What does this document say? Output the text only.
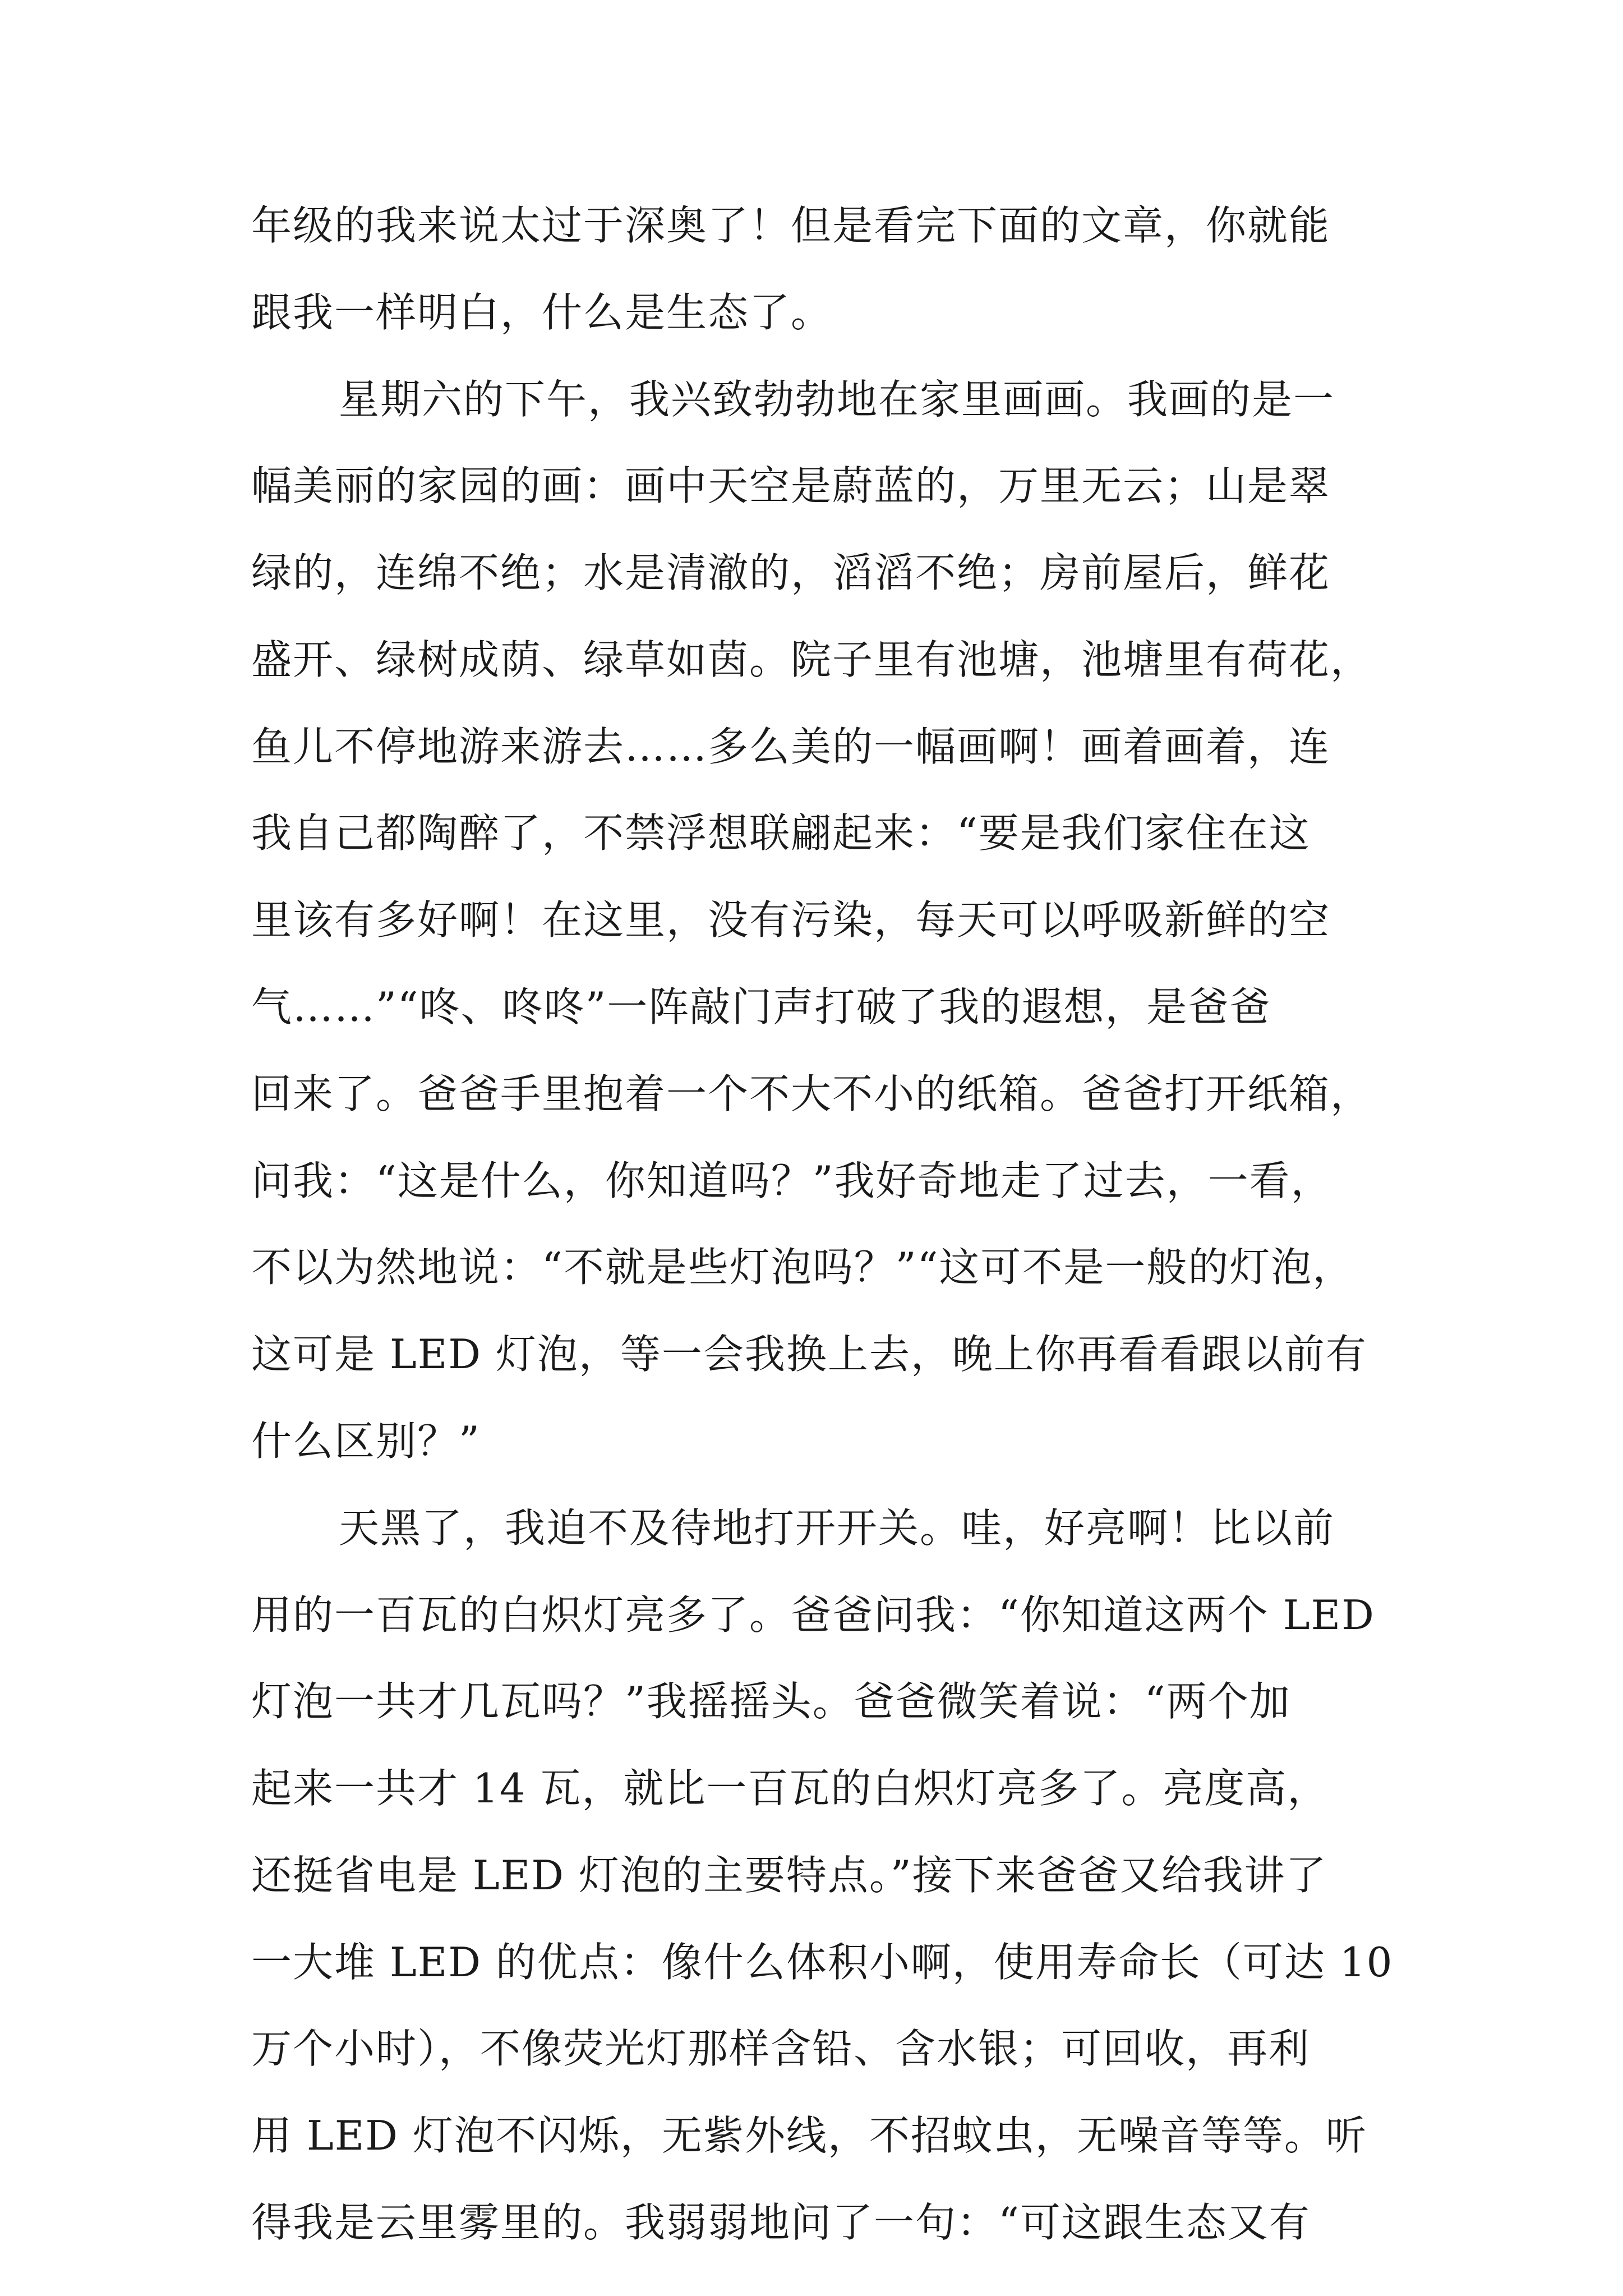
年级的我来说太过于深奥了！但是看完下面的文章，你就能
跟我一样明白，什么是生态了。
星期六的下午，我兴致勃勃地在家里画画。我画的是一
幅美丽的家园的画：画中天空是蔚蓝的，万里无云；山是翠
绿的，连绵不绝；水是清澈的，滔滔不绝；房前屋后，鲜花
盛开、绿树成荫、绿草如茵。院子里有池塘，池塘里有荷花，
鱼儿不停地游来游去……多么美的一幅画啊！画着画着，连
我自己都陶醉了，不禁浮想联翩起来：“要是我们家住在这
里该有多好啊！在这里，没有污染，每天可以呼吸新鲜的空
气……”“咚、咚咚”一阵敲门声打破了我的遐想，是爸爸
回来了。爸爸手里抱着一个不大不小的纸箱。爸爸打开纸箱，
问我：“这是什么，你知道吗？”我好奇地走了过去，一看，
不以为然地说：“不就是些灯泡吗？”“这可不是一般的灯泡，
这可是 LED 灯泡，等一会我换上去，晚上你再看看跟以前有
什么区别？”
天黑了，我迫不及待地打开开关。哇，好亮啊！比以前
用的一百瓦的白炽灯亮多了。爸爸问我：“你知道这两个 LED
灯泡一共才几瓦吗？”我摇摇头。爸爸微笑着说：“两个加
起来一共才 14 瓦，就比一百瓦的白炽灯亮多了。亮度高，
还挺省电是 LED 灯泡的主要特点。”接下来爸爸又给我讲了
一大堆 LED 的优点：像什么体积小啊，使用寿命长（可达 10
万个小时），不像荧光灯那样含铅、含水银；可回收，再利
用 LED 灯泡不闪烁，无紫外线，不招蚊虫，无噪音等等。听
得我是云里雾里的。我弱弱地问了一句：“可这跟生态又有
